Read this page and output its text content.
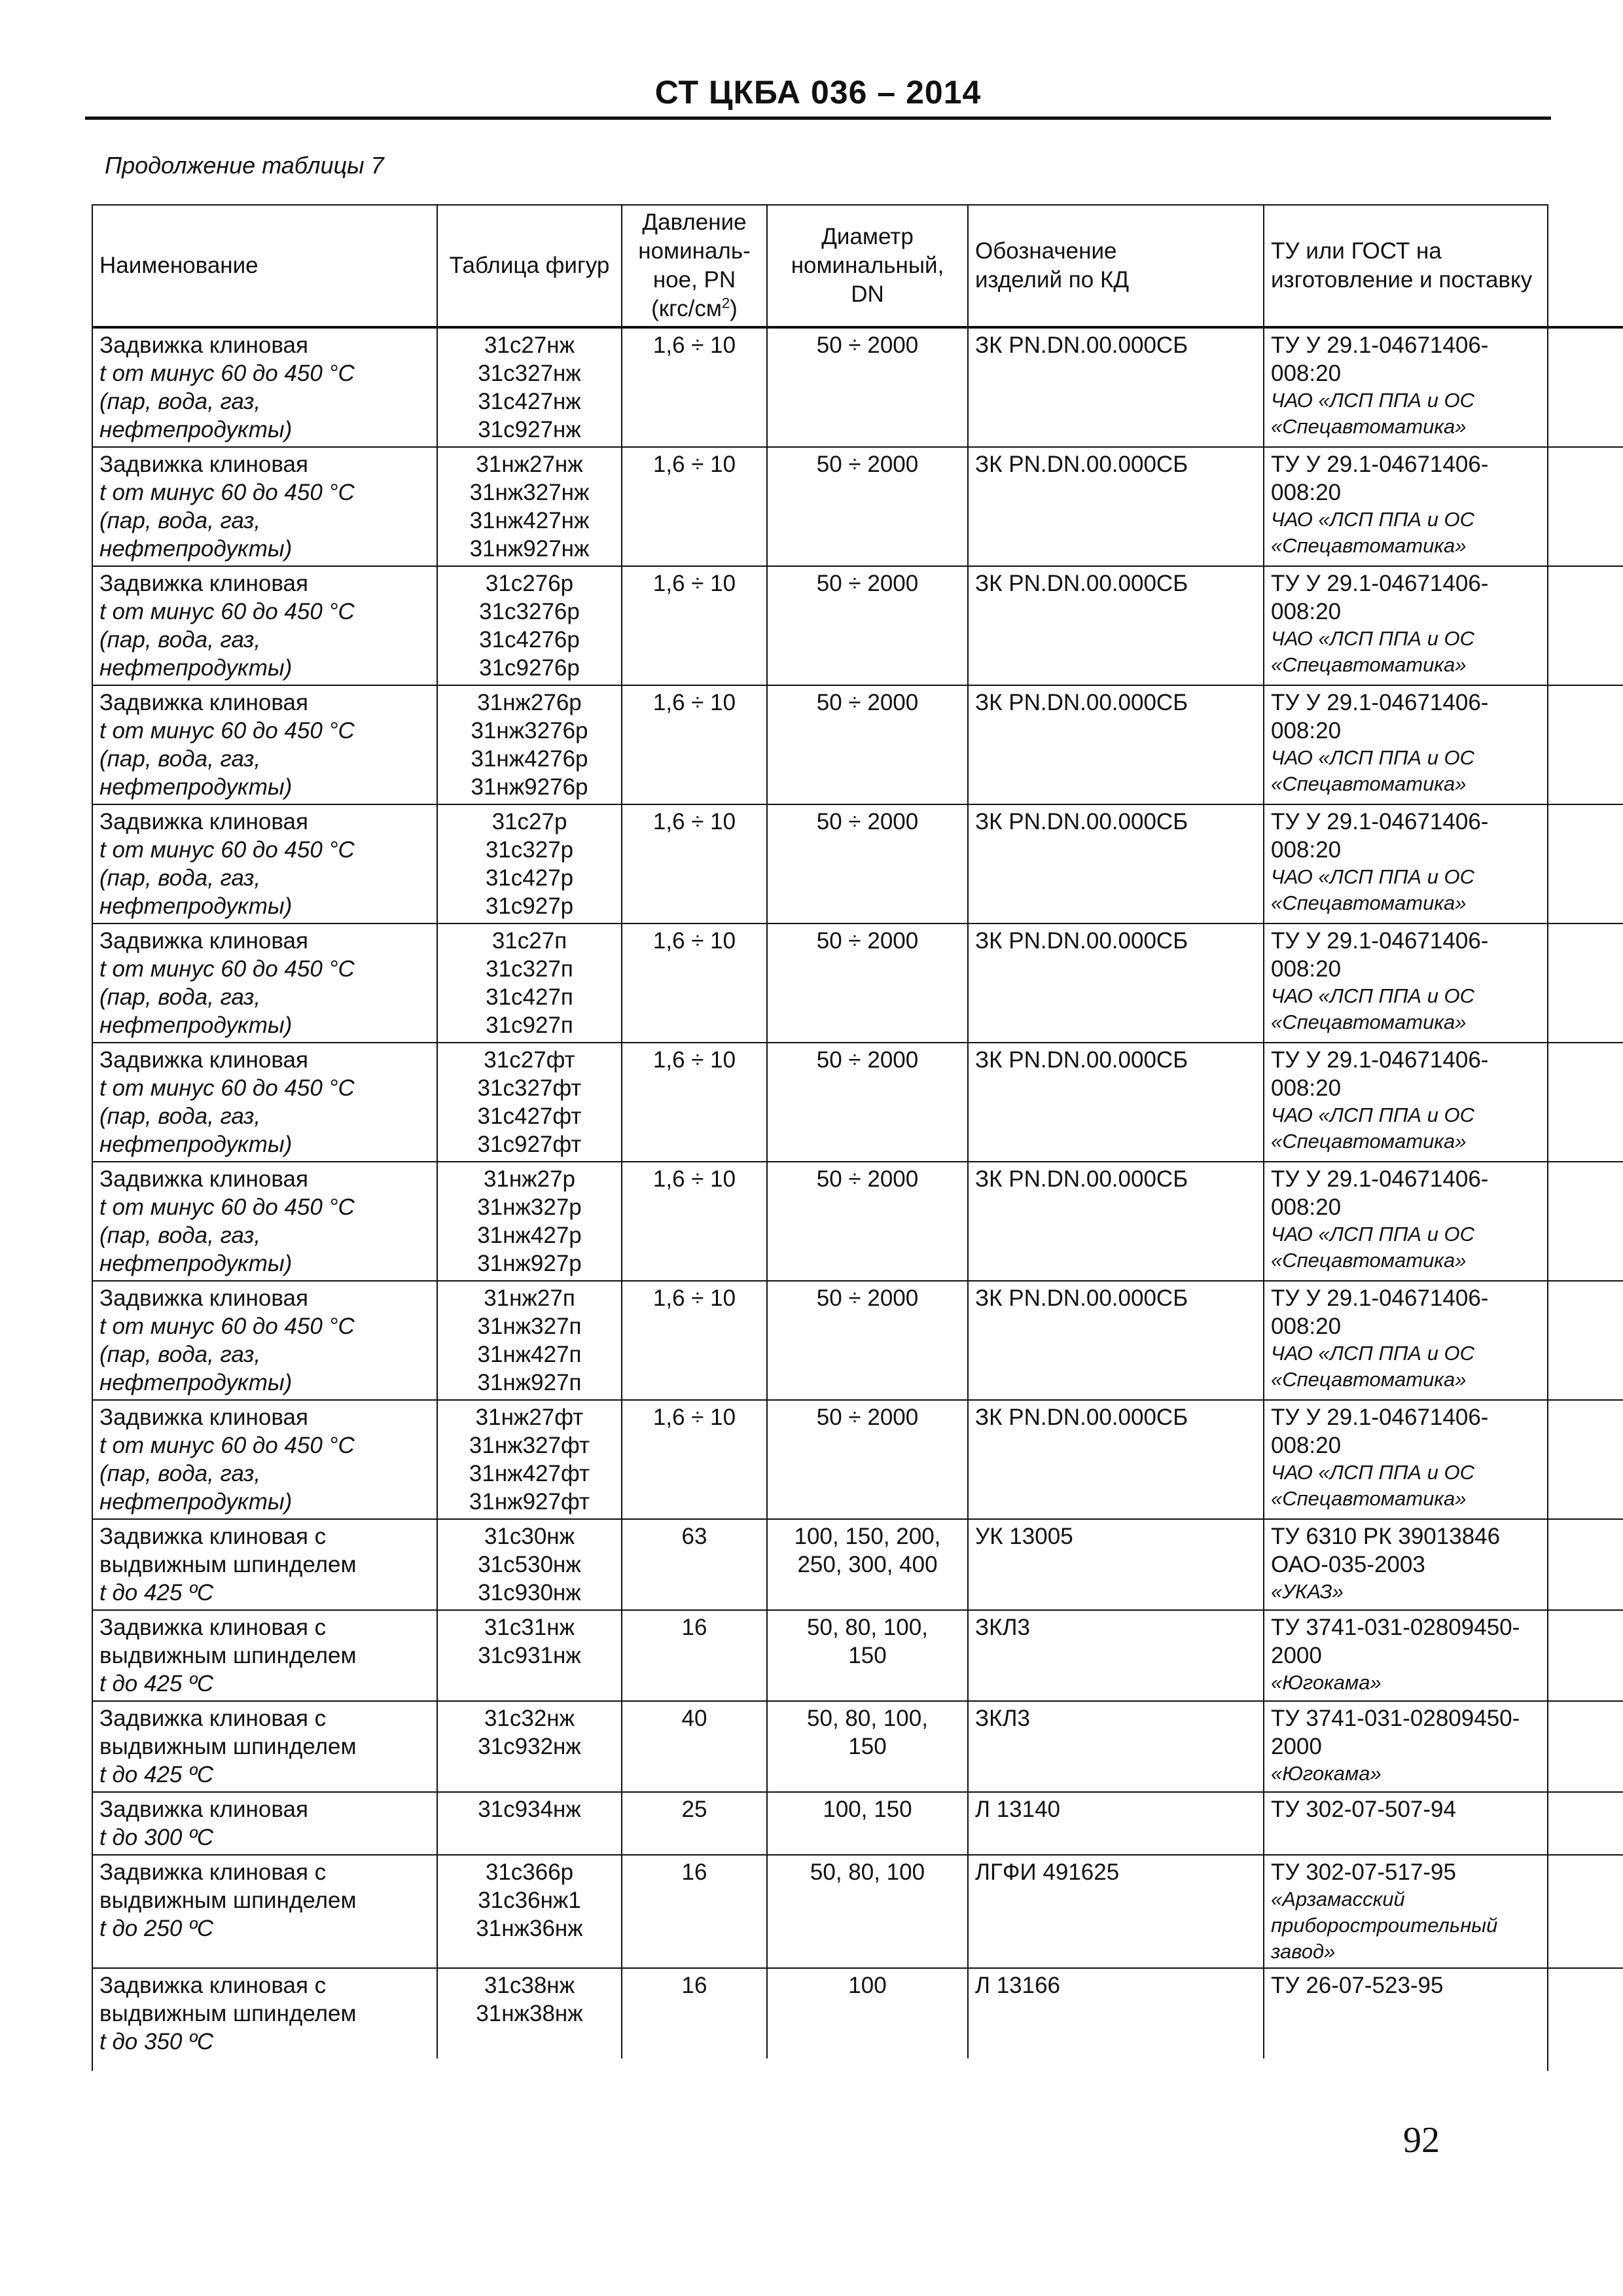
СТ ЦКБА 036 – 2014
Продолжение таблицы 7
Наименование	Таблица фигур	Давление
номиналь-
ное, PN
$(кгс/см^2)$	Диаметр
номинальный,
DN	Обозначение
изделий по КД	ТУ или ГОСТ на
изготовление и поставку

Задвижка клиновая
t от минус 60 до 450 °С
(пар, вода, газ,
нефтепродукты)	31с27нж
31с327нж
31с427нж
31с927нж	1,6 ÷ 10	50 ÷ 2000	ЗК PN.DN.00.000СБ	ТУ У 29.1-04671406-
008:20
ЧАО «ЛСП ППА и ОС
«Спецавтоматика»

Задвижка клиновая
t от минус 60 до 450 °С
(пар, вода, газ,
нефтепродукты)	31нж27нж
31нж327нж
31нж427нж
31нж927нж	1,6 ÷ 10	50 ÷ 2000	ЗК PN.DN.00.000СБ	ТУ У 29.1-04671406-
008:20
ЧАО «ЛСП ППА и ОС
«Спецавтоматика»

Задвижка клиновая
t от минус 60 до 450 °С
(пар, вода, газ,
нефтепродукты)	31с276р
31с3276р
31с4276р
31с9276р	1,6 ÷ 10	50 ÷ 2000	ЗК PN.DN.00.000СБ	ТУ У 29.1-04671406-
008:20
ЧАО «ЛСП ППА и ОС
«Спецавтоматика»

Задвижка клиновая
t от минус 60 до 450 °С
(пар, вода, газ,
нефтепродукты)	31нж276р
31нж3276р
31нж4276р
31нж9276р	1,6 ÷ 10	50 ÷ 2000	ЗК PN.DN.00.000СБ	ТУ У 29.1-04671406-
008:20
ЧАО «ЛСП ППА и ОС
«Спецавтоматика»

Задвижка клиновая
t от минус 60 до 450 °С
(пар, вода, газ,
нефтепродукты)	31с27р
31с327р
31с427р
31с927р	1,6 ÷ 10	50 ÷ 2000	ЗК PN.DN.00.000СБ	ТУ У 29.1-04671406-
008:20
ЧАО «ЛСП ППА и ОС
«Спецавтоматика»

Задвижка клиновая
t от минус 60 до 450 °С
(пар, вода, газ,
нефтепродукты)	31с27п
31с327п
31с427п
31с927п	1,6 ÷ 10	50 ÷ 2000	ЗК PN.DN.00.000СБ	ТУ У 29.1-04671406-
008:20
ЧАО «ЛСП ППА и ОС
«Спецавтоматика»

Задвижка клиновая
t от минус 60 до 450 °С
(пар, вода, газ,
нефтепродукты)	31с27фт
31с327фт
31с427фт
31с927фт	1,6 ÷ 10	50 ÷ 2000	ЗК PN.DN.00.000СБ	ТУ У 29.1-04671406-
008:20
ЧАО «ЛСП ППА и ОС
«Спецавтоматика»

Задвижка клиновая
t от минус 60 до 450 °С
(пар, вода, газ,
нефтепродукты)	31нж27р
31нж327р
31нж427р
31нж927р	1,6 ÷ 10	50 ÷ 2000	ЗК PN.DN.00.000СБ	ТУ У 29.1-04671406-
008:20
ЧАО «ЛСП ППА и ОС
«Спецавтоматика»

Задвижка клиновая
t от минус 60 до 450 °С
(пар, вода, газ,
нефтепродукты)	31нж27п
31нж327п
31нж427п
31нж927п	1,6 ÷ 10	50 ÷ 2000	ЗК PN.DN.00.000СБ	ТУ У 29.1-04671406-
008:20
ЧАО «ЛСП ППА и ОС
«Спецавтоматика»

Задвижка клиновая
t от минус 60 до 450 °С
(пар, вода, газ,
нефтепродукты)	31нж27фт
31нж327фт
31нж427фт
31нж927фт	1,6 ÷ 10	50 ÷ 2000	ЗК PN.DN.00.000СБ	ТУ У 29.1-04671406-
008:20
ЧАО «ЛСП ППА и ОС
«Спецавтоматика»

Задвижка клиновая с
выдвижным шпинделем
t до 425 ºС	31с30нж
31с530нж
31с930нж	63	100, 150, 200,
250, 300, 400	УК 13005	ТУ 6310 РК 39013846
ОАО-035-2003
«УКАЗ»

Задвижка клиновая с
выдвижным шпинделем
t до 425 ºС	31с31нж
31с931нж	16	50, 80, 100,
150	ЗКЛ3	ТУ 3741-031-02809450-
2000
«Югокама»

Задвижка клиновая с
выдвижным шпинделем
t до 425 ºС	31с32нж
31с932нж	40	50, 80, 100,
150	ЗКЛ3	ТУ 3741-031-02809450-
2000
«Югокама»

Задвижка клиновая
t до 300 ºС	31с934нж	25	100, 150	Л 13140	ТУ 302-07-507-94

Задвижка клиновая с
выдвижным шпинделем
t до 250 ºС	31с366р
31с36нж1
31нж36нж	16	50, 80, 100	ЛГФИ 491625	ТУ 302-07-517-95
«Арзамасский
приборостроительный
завод»

Задвижка клиновая с
выдвижным шпинделем
t до 350 ºС	31с38нж
31нж38нж	16	100	Л 13166	ТУ 26-07-523-95
92
